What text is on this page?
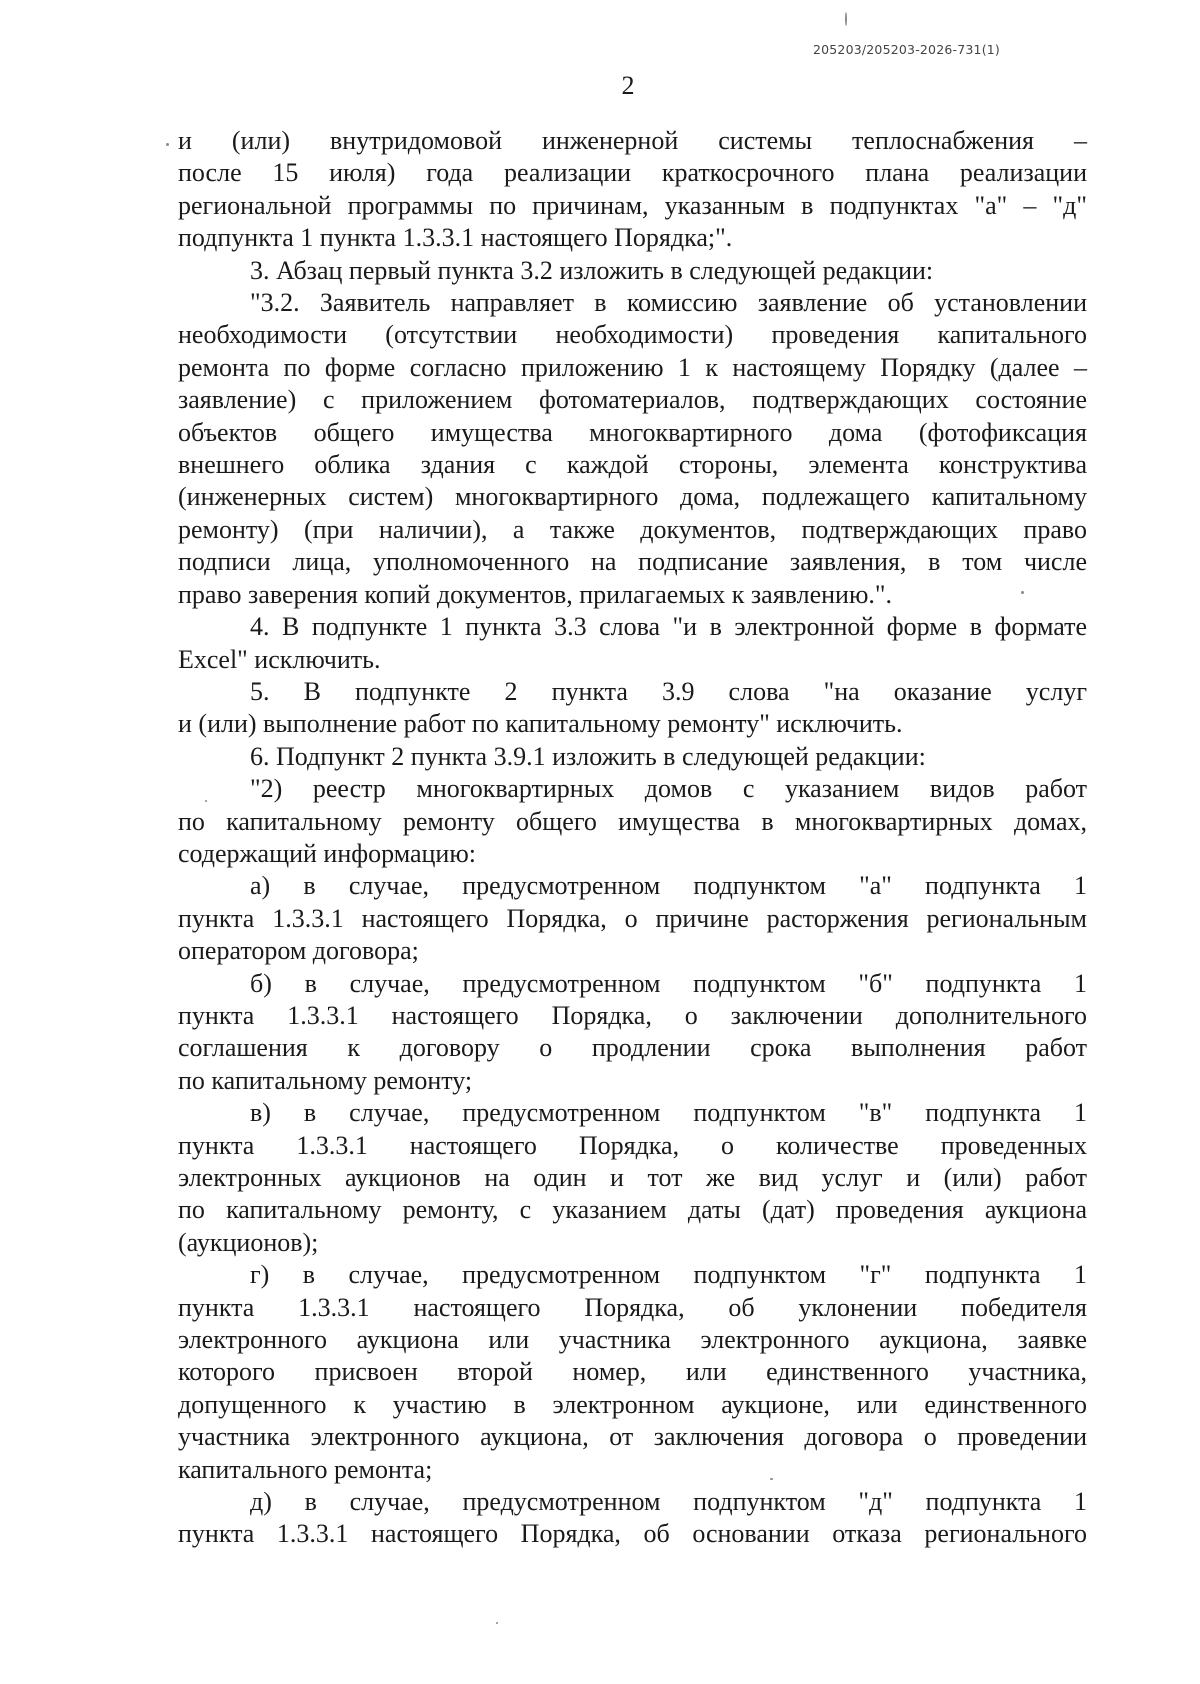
205203/205203-2026-731(1)
2

и (или) внутридомовой инженерной системы теплоснабжения –

после 15 июля) года реализации краткосрочного плана реализации

региональной программы по причинам, указанным в подпунктах "а" – "д"

подпункта 1 пункта 1.3.3.1 настоящего Порядка;".

3. Абзац первый пункта 3.2 изложить в следующей редакции:

"3.2. Заявитель направляет в комиссию заявление об установлении

необходимости (отсутствии необходимости) проведения капитального

ремонта по форме согласно приложению 1 к настоящему Порядку (далее –

заявление) с приложением фотоматериалов, подтверждающих состояние

объектов общего имущества многоквартирного дома (фотофиксация

внешнего облика здания с каждой стороны, элемента конструктива

(инженерных систем) многоквартирного дома, подлежащего капитальному

ремонту) (при наличии), а также документов, подтверждающих право

подписи лица, уполномоченного на подписание заявления, в том числе

право заверения копий документов, прилагаемых к заявлению.".

4. В подпункте 1 пункта 3.3 слова "и в электронной форме в формате

Excel" исключить.

5. В подпункте 2 пункта 3.9 слова "на оказание услуг

и (или) выполнение работ по капитальному ремонту" исключить.

6. Подпункт 2 пункта 3.9.1 изложить в следующей редакции:

"2) реестр многоквартирных домов с указанием видов работ

по капитальному ремонту общего имущества в многоквартирных домах,

содержащий информацию:

а) в случае, предусмотренном подпунктом "а" подпункта 1

пункта 1.3.3.1 настоящего Порядка, о причине расторжения региональным

оператором договора;

б) в случае, предусмотренном подпунктом "б" подпункта 1

пункта 1.3.3.1 настоящего Порядка, о заключении дополнительного

соглашения к договору о продлении срока выполнения работ

по капитальному ремонту;

в) в случае, предусмотренном подпунктом "в" подпункта 1

пункта 1.3.3.1 настоящего Порядка, о количестве проведенных

электронных аукционов на один и тот же вид услуг и (или) работ

по капитальному ремонту, с указанием даты (дат) проведения аукциона

(аукционов);

г) в случае, предусмотренном подпунктом "г" подпункта 1

пункта 1.3.3.1 настоящего Порядка, об уклонении победителя

электронного аукциона или участника электронного аукциона, заявке

которого присвоен второй номер, или единственного участника,

допущенного к участию в электронном аукционе, или единственного

участника электронного аукциона, от заключения договора о проведении

капитального ремонта;

д) в случае, предусмотренном подпунктом "д" подпункта 1

пункта 1.3.3.1 настоящего Порядка, об основании отказа регионального
